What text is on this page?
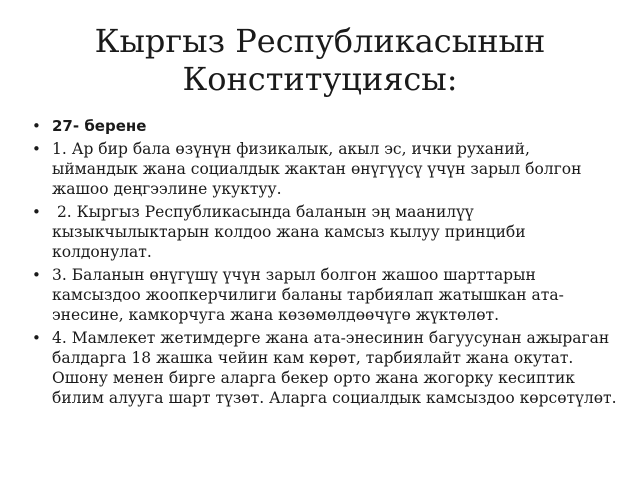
Кыргыз Республикасынын
Конституциясы:
• 27- берене
• 1. Ар бир бала өзүнүн физикалык, акыл эс, ички руханий, ыймандык жана социалдык жактан өнүгүүсү үчүн зарыл болгон жашоо деңгээлине укуктуу.
• 2. Кыргыз Республикасында баланын эң маанилүү кызыкчылыктарын колдоо жана камсыз кылуу принциби колдонулат.
• 3. Баланын өнүгүшү үчүн зарыл болгон жашоо шарттарын камсыздоо жоопкерчилиги баланы тарбиялап жатышкан ата-энесине, камкорчуга жана көзөмөлдөөчүгө жүктөлөт.
• 4. Мамлекет жетимдерге жана ата-энесинин багуусунан ажыраган балдарга 18 жашка чейин кам көрөт, тарбиялайт жана окутат. Ошону менен бирге аларга бекер орто жана жогорку кесиптик билим алууга шарт түзөт. Аларга социалдык камсыздоо көрсөтүлөт.
